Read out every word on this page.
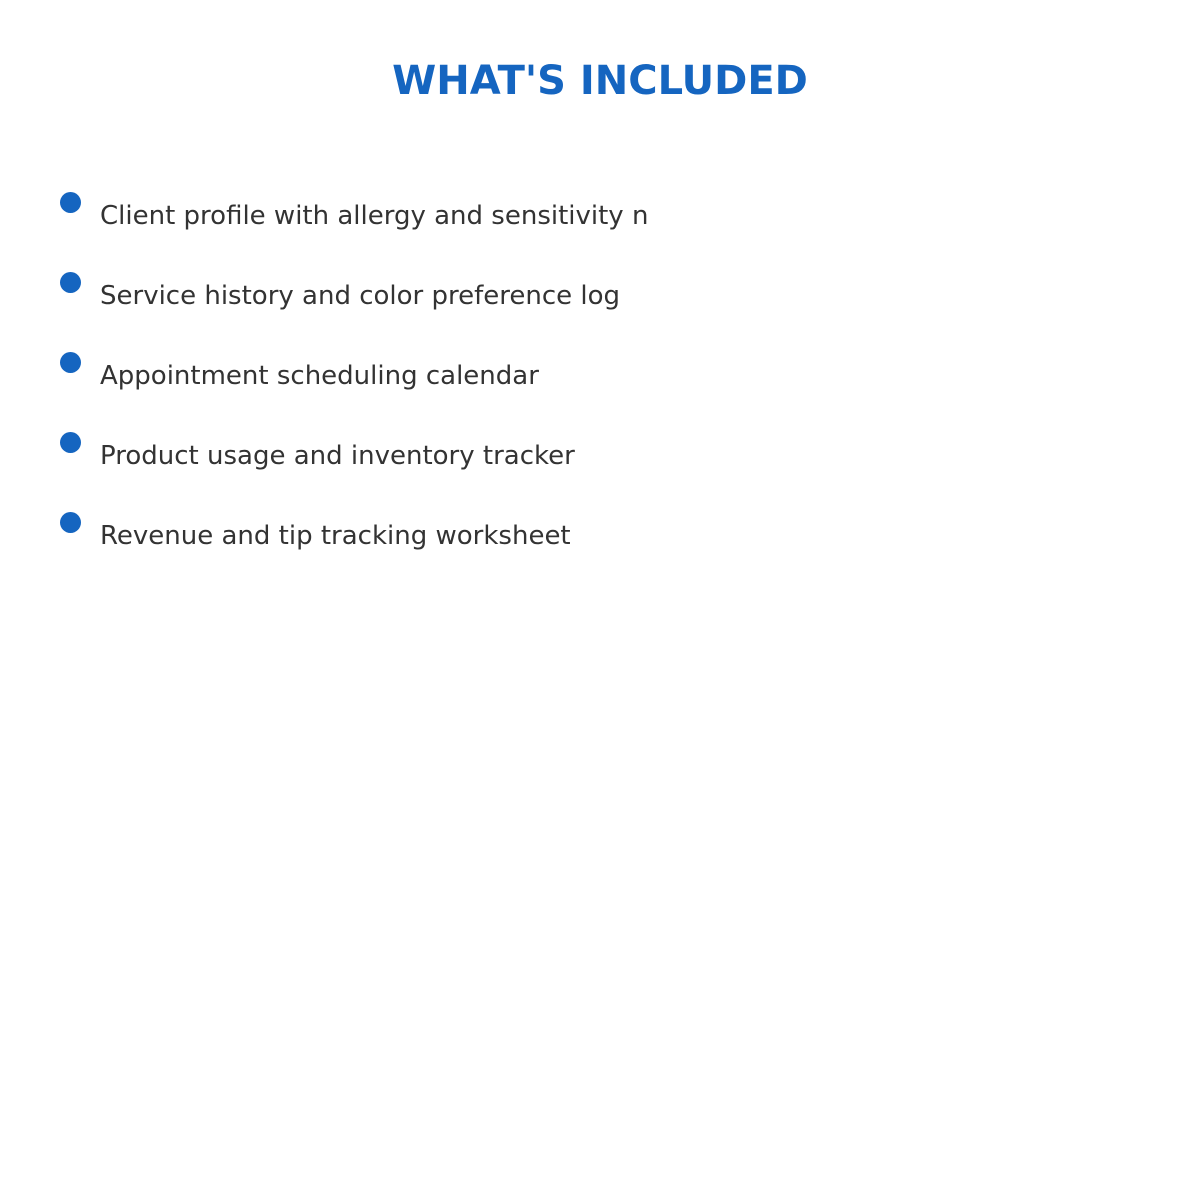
WHAT'S INCLUDED
Client profile with allergy and sensitivity n
Service history and color preference log
Appointment scheduling calendar
Product usage and inventory tracker
Revenue and tip tracking worksheet
